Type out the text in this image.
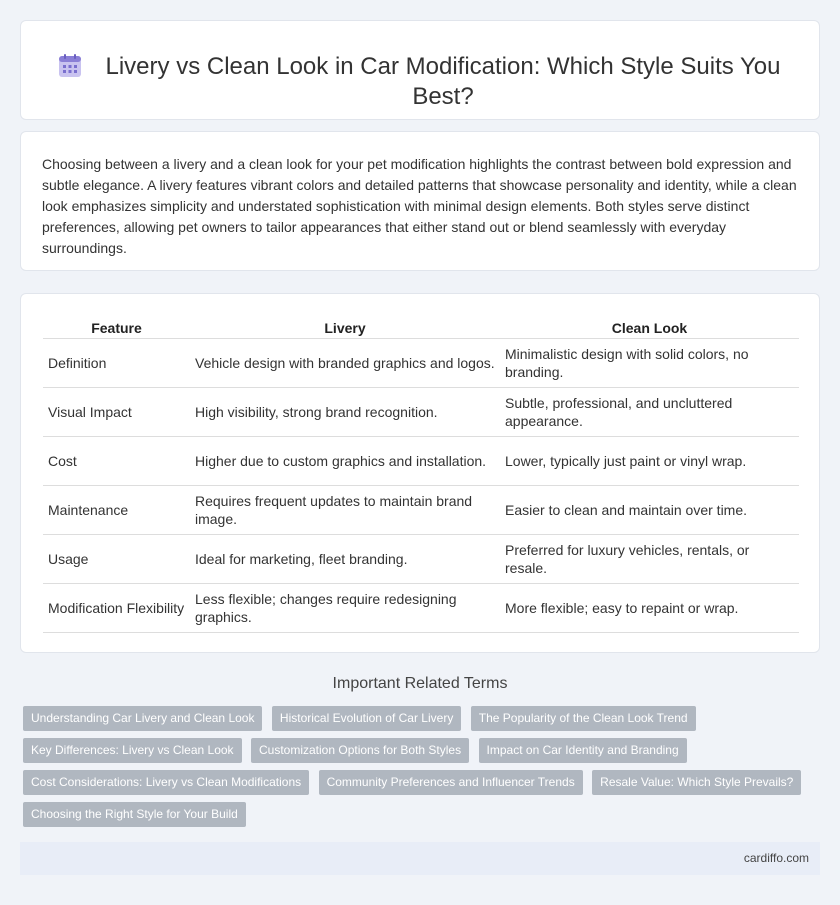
Livery vs Clean Look in Car Modification: Which Style Suits You Best?

Choosing between a livery and a clean look for your pet modification highlights the contrast between bold expression and subtle elegance. A livery features vibrant colors and detailed patterns that showcase personality and identity, while a clean look emphasizes simplicity and understated sophistication with minimal design elements. Both styles serve distinct preferences, allowing pet owners to tailor appearances that either stand out or blend seamlessly with everyday surroundings.

Feature	Livery	Clean Look
Definition	Vehicle design with branded graphics and logos.	Minimalistic design with solid colors, no branding.
Visual Impact	High visibility, strong brand recognition.	Subtle, professional, and uncluttered appearance.
Cost	Higher due to custom graphics and installation.	Lower, typically just paint or vinyl wrap.
Maintenance	Requires frequent updates to maintain brand image.	Easier to clean and maintain over time.
Usage	Ideal for marketing, fleet branding.	Preferred for luxury vehicles, rentals, or resale.
Modification Flexibility	Less flexible; changes require redesigning graphics.	More flexible; easy to repaint or wrap.
Important Related Terms
Understanding Car Livery and Clean Look Historical Evolution of Car Livery The Popularity of the Clean Look Trend Key Differences: Livery vs Clean Look Customization Options for Both Styles Impact on Car Identity and Branding Cost Considerations: Livery vs Clean Modifications Community Preferences and Influencer Trends Resale Value: Which Style Prevails? Choosing the Right Style for Your Build
cardiffo.com
